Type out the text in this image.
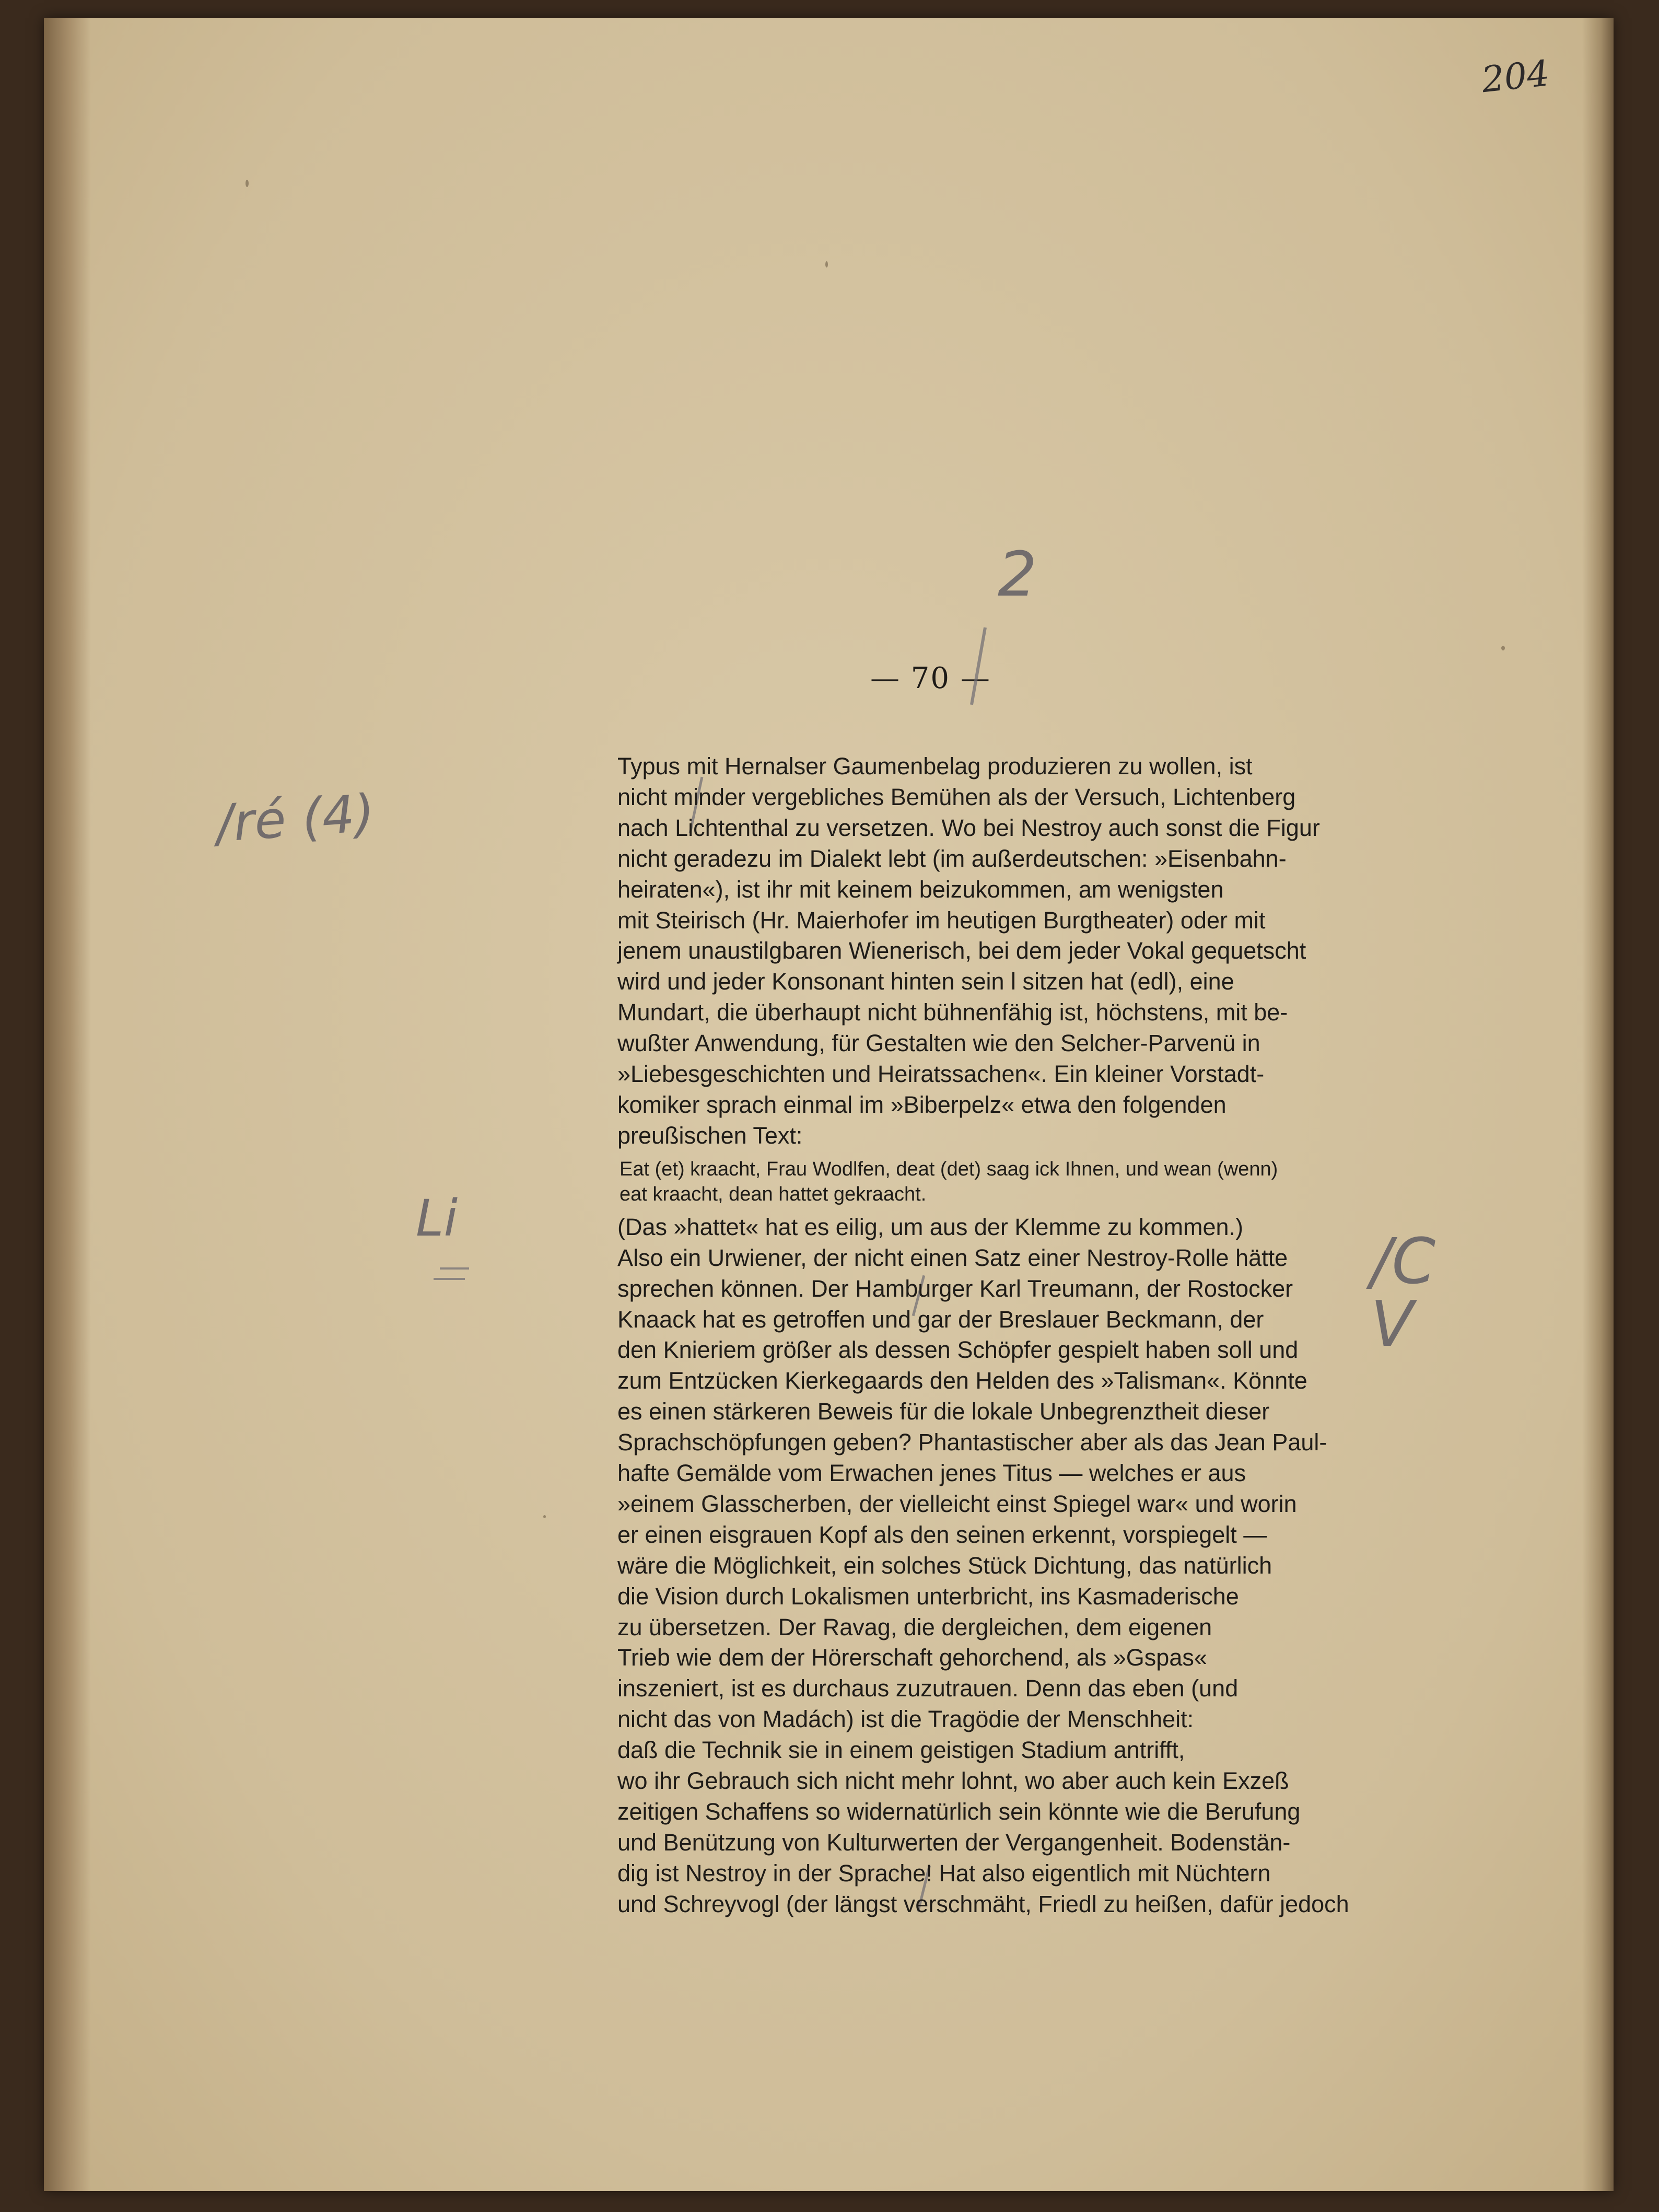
204
— 70 —
2
/ré (4)
Li
/C
V
Typus mit Hernalser Gaumenbelag produzieren zu wollen, ist
nicht minder vergebliches Bemühen als der Versuch, Lichtenberg
nach Lichtenthal zu versetzen. Wo bei Nestroy auch sonst die Figur
nicht geradezu im Dialekt lebt (im außerdeutschen: »Eisenbahn-
heiraten«), ist ihr mit keinem beizukommen, am wenigsten
mit Steirisch (Hr. Maierhofer im heutigen Burgtheater) oder mit
jenem unaustilgbaren Wienerisch, bei dem jeder Vokal gequetscht
wird und jeder Konsonant hinten sein l sitzen hat (edl), eine
Mundart, die überhaupt nicht bühnenfähig ist, höchstens, mit be-
wußter Anwendung, für Gestalten wie den Selcher-Parvenü in
»Liebesgeschichten und Heiratssachen«. Ein kleiner Vorstadt-
komiker sprach einmal im »Biberpelz« etwa den folgenden
preußischen Text:
Eat (et) kraacht, Frau Wodlfen, deat (det) saag ick Ihnen, und wean (wenn)
eat kraacht, dean hattet gekraacht.
(Das »hattet« hat es eilig, um aus der Klemme zu kommen.)
Also ein Urwiener, der nicht einen Satz einer Nestroy-Rolle hätte
sprechen können. Der Hamburger Karl Treumann, der Rostocker
Knaack hat es getroffen und gar der Breslauer Beckmann, der
den Knieriem größer als dessen Schöpfer gespielt haben soll und
zum Entzücken Kierkegaards den Helden des »Talisman«. Könnte
es einen stärkeren Beweis für die lokale Unbegrenztheit dieser
Sprachschöpfungen geben? Phantastischer aber als das Jean Paul-
hafte Gemälde vom Erwachen jenes Titus — welches er aus
»einem Glasscherben, der vielleicht einst Spiegel war« und worin
er einen eisgrauen Kopf als den seinen erkennt, vorspiegelt —
wäre die Möglichkeit, ein solches Stück Dichtung, das natürlich
die Vision durch Lokalismen unterbricht, ins Kasmaderische
zu übersetzen. Der Ravag, die dergleichen, dem eigenen
Trieb wie dem der Hörerschaft gehorchend, als »Gspas«
inszeniert, ist es durchaus zuzutrauen. Denn das eben (und
nicht das von Madách) ist die Tragödie der Menschheit:
daß die Technik sie in einem geistigen Stadium antrifft,
wo ihr Gebrauch sich nicht mehr lohnt, wo aber auch kein Exzeß
zeitigen Schaffens so widernatürlich sein könnte wie die Berufung
und Benützung von Kulturwerten der Vergangenheit. Bodenstän-
dig ist Nestroy in der Sprache! Hat also eigentlich mit Nüchtern
und Schreyvogl (der längst verschmäht, Friedl zu heißen, dafür jedoch
